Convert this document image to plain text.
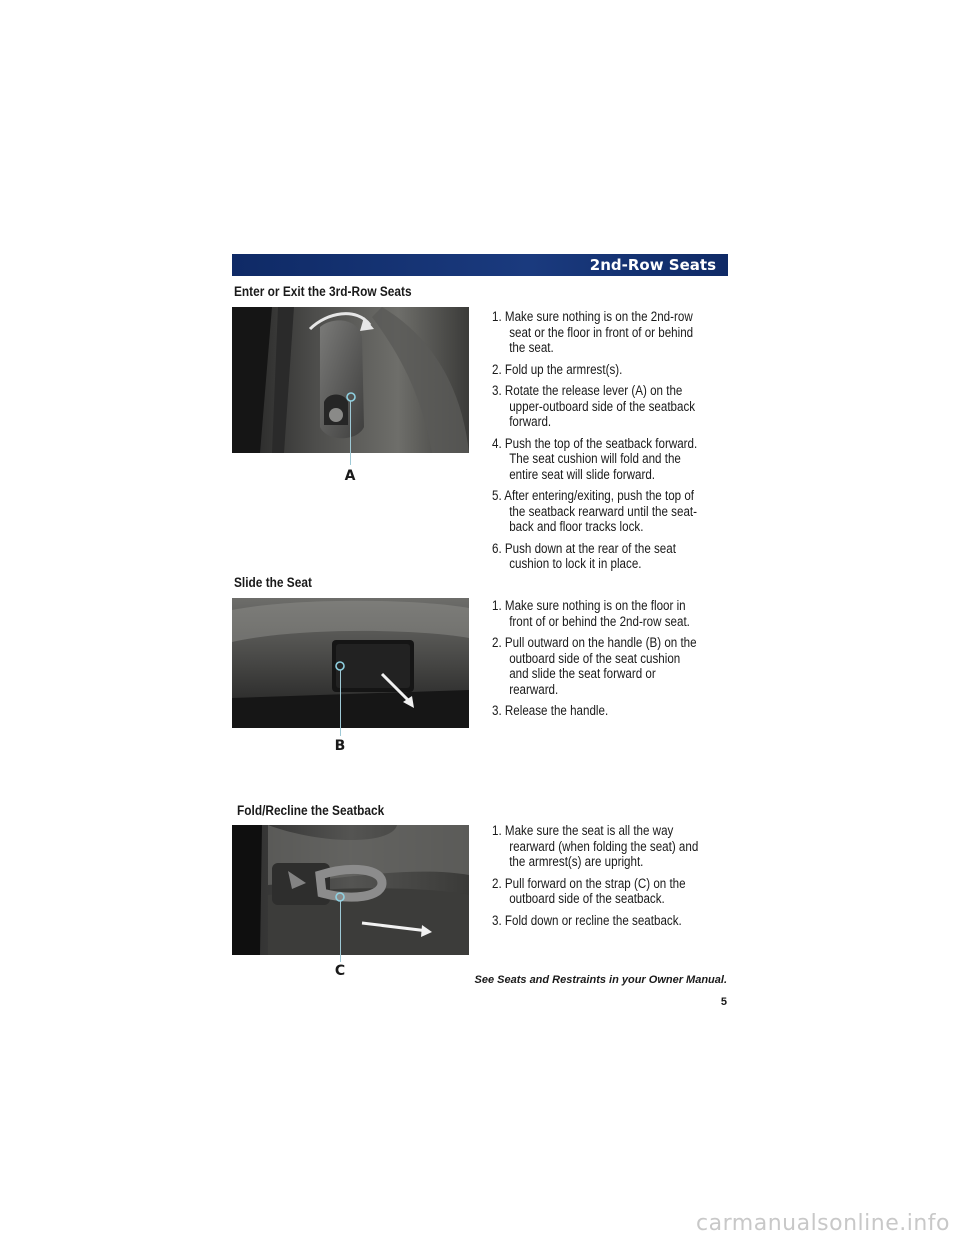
2nd-Row Seats
Enter or Exit the 3rd-Row Seats
A
1. Make sure nothing is on the 2nd-row seat or the floor in front of or behind the seat.
2. Fold up the armrest(s).
3. Rotate the release lever (A) on the upper-outboard side of the seatback forward.
4. Push the top of the seatback forward. The seat cushion will fold and the entire seat will slide forward.
5. After entering/exiting, push the top of the seatback rearward until the seat-back and floor tracks lock.
6. Push down at the rear of the seat cushion to lock it in place.
Slide the Seat
B
1. Make sure nothing is on the floor in front of or behind the 2nd-row seat.
2. Pull outward on the handle (B) on the outboard side of the seat cushion and slide the seat forward or rearward.
3. Release the handle.
Fold/Recline the Seatback
C
1. Make sure the seat is all the way rearward (when folding the seat) and the armrest(s) are upright.
2. Pull forward on the strap (C) on the outboard side of the seatback.
3. Fold down or recline the seatback.
See Seats and Restraints in your Owner Manual.
5
carmanualsonline.info
